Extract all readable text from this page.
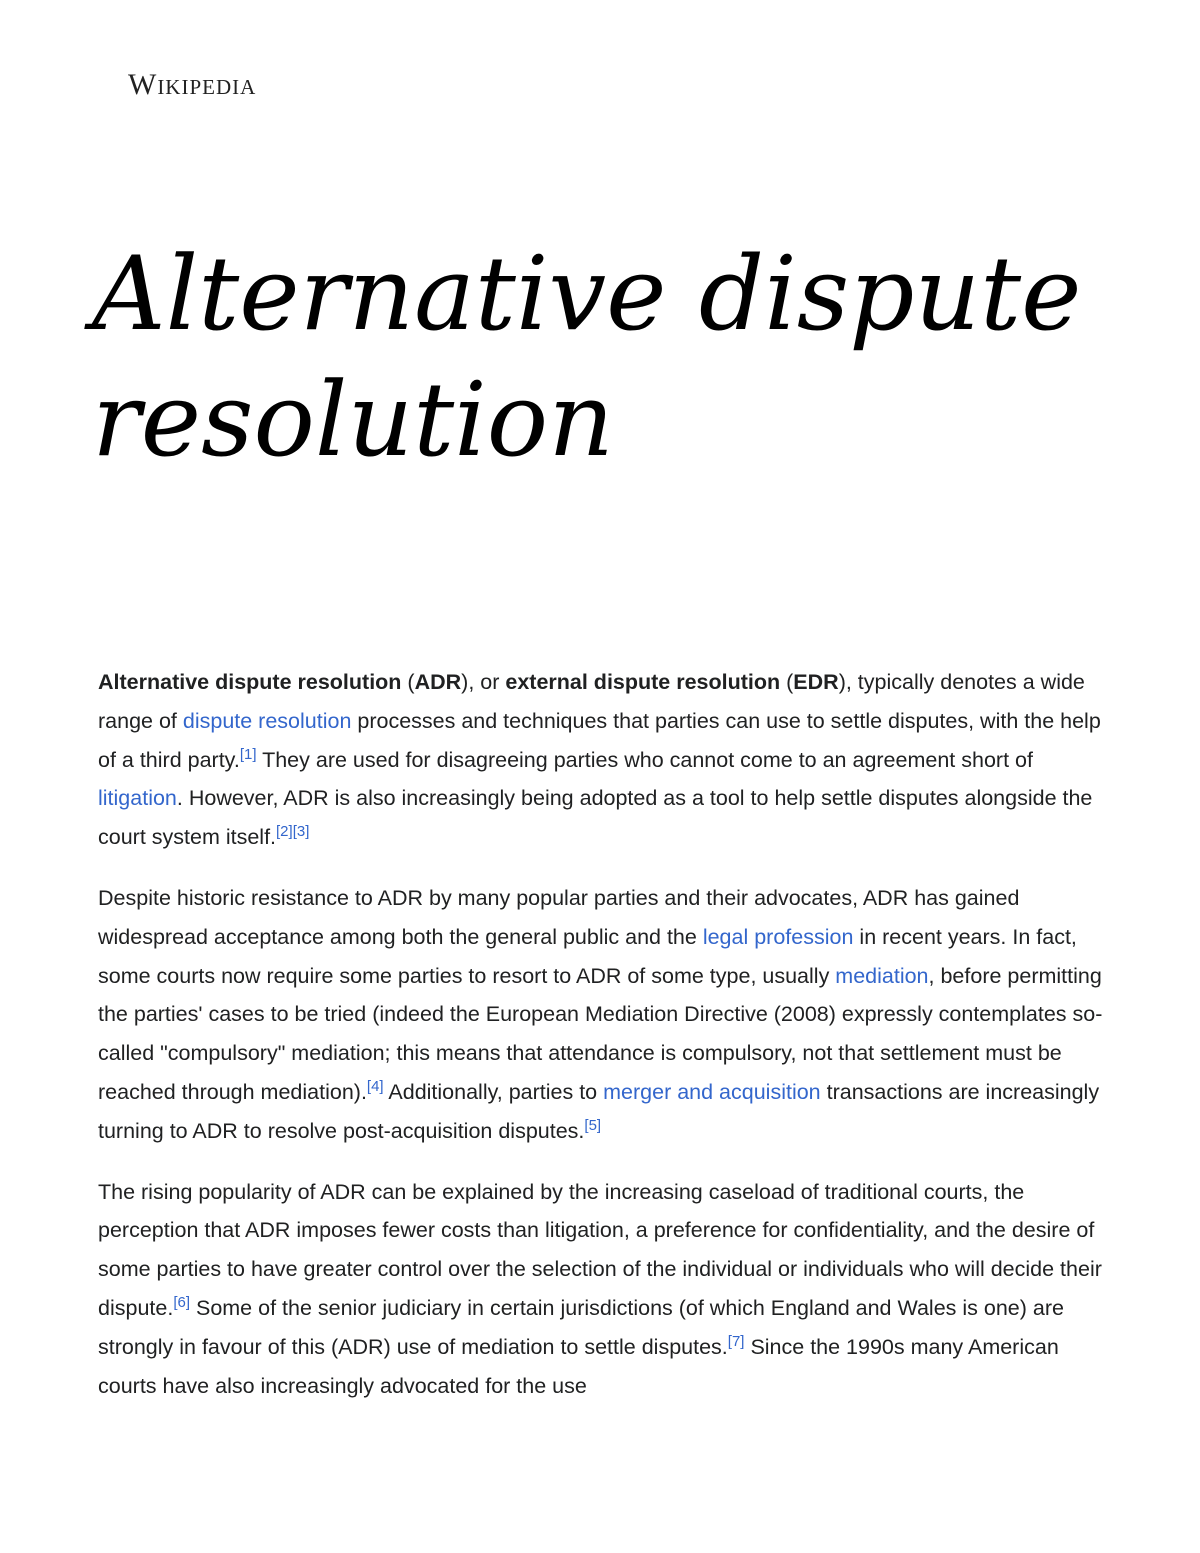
Wikipedia
Alternative dispute resolution

Alternative dispute resolution (ADR), or external dispute resolution (EDR), typically denotes a wide range of dispute resolution processes and techniques that parties can use to settle disputes, with the help of a third party.[1] They are used for disagreeing parties who cannot come to an agreement short of litigation. However, ADR is also increasingly being adopted as a tool to help settle disputes alongside the court system itself.[2][3]

Despite historic resistance to ADR by many popular parties and their advocates, ADR has gained widespread acceptance among both the general public and the legal profession in recent years. In fact, some courts now require some parties to resort to ADR of some type, usually mediation, before permitting the parties' cases to be tried (indeed the European Mediation Directive (2008) expressly contemplates so-called "compulsory" mediation; this means that attendance is compulsory, not that settlement must be reached through mediation).[4] Additionally, parties to merger and acquisition transactions are increasingly turning to ADR to resolve post-acquisition disputes.[5]

The rising popularity of ADR can be explained by the increasing caseload of traditional courts, the perception that ADR imposes fewer costs than litigation, a preference for confidentiality, and the desire of some parties to have greater control over the selection of the individual or individuals who will decide their dispute.[6] Some of the senior judiciary in certain jurisdictions (of which England and Wales is one) are strongly in favour of this (ADR) use of mediation to settle disputes.[7] Since the 1990s many American courts have also increasingly advocated for the use
